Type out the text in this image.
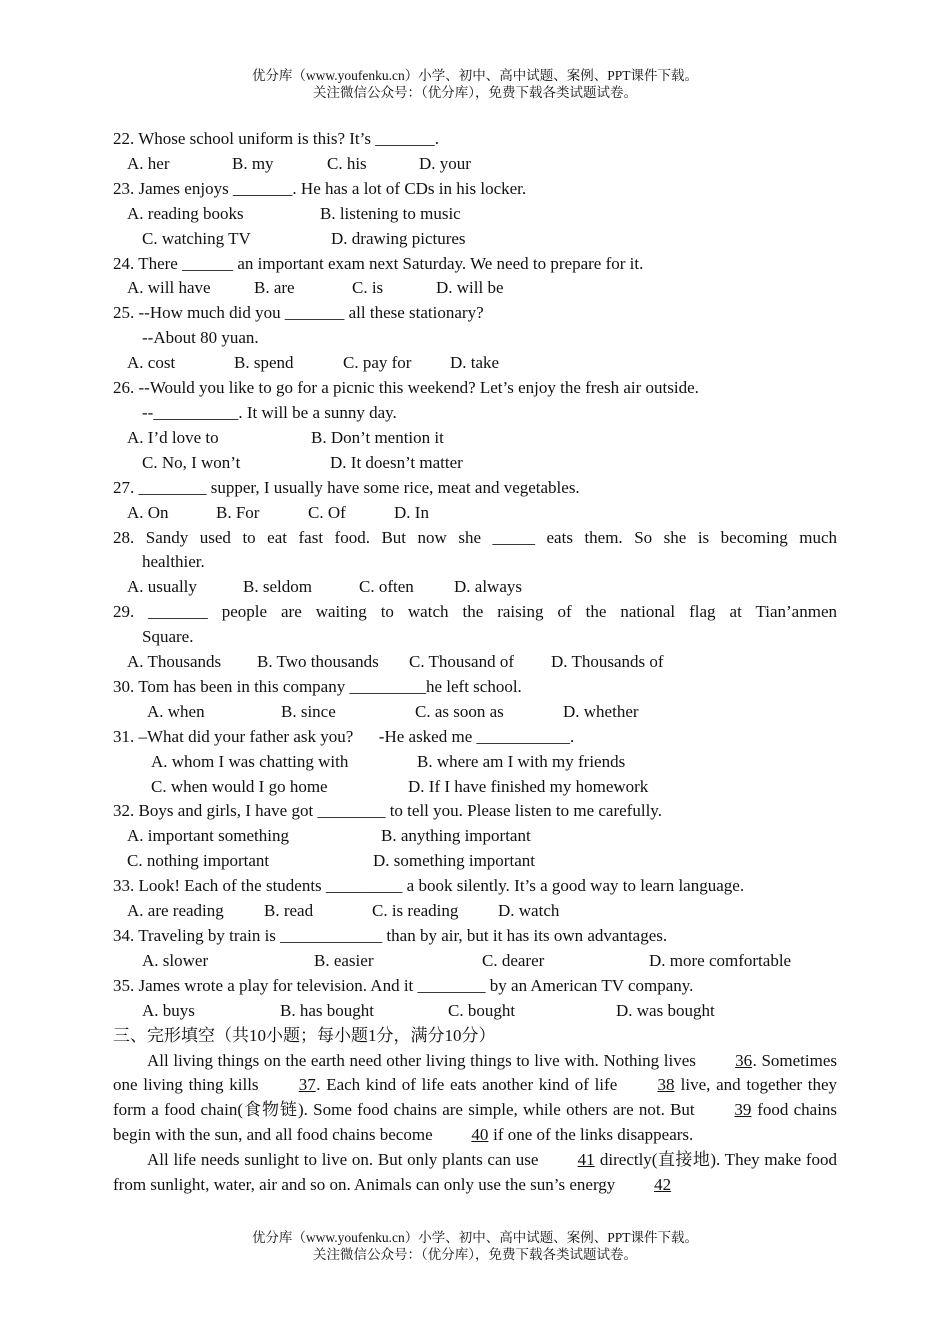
优分库（www.youfenku.cn）小学、初中、高中试题、案例、PPT课件下载。
关注微信公众号：（优分库），免费下载各类试题试卷。
22. Whose school uniform is this? It’s _______.
A. her	B. my	C. his	D. your
23. James enjoys _______. He has a lot of CDs in his locker.
A. reading books	B. listening to music
C. watching TV	D. drawing pictures
24. There ______ an important exam next Saturday. We need to prepare for it.
A. will have	B. are	C. is	D. will be
25. --How much did you _______ all these stationary?
--About 80 yuan.
A. cost	B. spend	C. pay for D. take
26. --Would you like to go for a picnic this weekend? Let’s enjoy the fresh air outside.
--__________. It will be a sunny day.
A. I’d love to	B. Don’t mention it
C. No, I won’t	D. It doesn’t matter
27. ________ supper, I usually have some rice, meat and vegetables.
A. On	B. For	C. Of	D. In
28. Sandy used to eat fast food. But now she _____ eats them. So she is becoming much
healthier.
A. usually	B. seldom	C. often D. always
29. _______ people are waiting to watch the raising of the national flag at Tian’anmen
Square.
A. Thousands B. Two thousands C. Thousand of D. Thousands of
30. Tom has been in this company _________he left school.
A. when	B. since	C. as soon as	D. whether
31. –What did your father ask you?      -He asked me ___________.
A. whom I was chatting with	B. where am I with my friends
C. when would I go home	D. If I have finished my homework
32. Boys and girls, I have got ________ to tell you. Please listen to me carefully.
A. important something	B. anything important
C. nothing important	D. something important
33. Look! Each of the students _________ a book silently. It’s a good way to learn language.
A. are reading B. read	C. is reading D. watch
34. Traveling by train is ____________ than by air, but it has its own advantages.
A. slower	B. easier	C. dearer	D. more comfortable
35. James wrote a play for television. And it ________ by an American TV company.
A. buys	B. has bought	C. bought	D. was bought
三、完形填空（共10小题；每小题1分，满分10分）
All living things on the earth need other living things to live with. Nothing lives 36. Sometimes one living thing kills 37. Each kind of life eats another kind of life 38 live, and together they form a food chain(食物链). Some food chains are simple, while others are not. But 39 food chains begin with the sun, and all food chains become 40 if one of the links disappears.
All life needs sunlight to live on. But only plants can use 41 directly(直接地). They make food from sunlight, water, air and so on. Animals can only use the sun’s energy 42
优分库（www.youfenku.cn）小学、初中、高中试题、案例、PPT课件下载。
关注微信公众号：（优分库），免费下载各类试题试卷。
